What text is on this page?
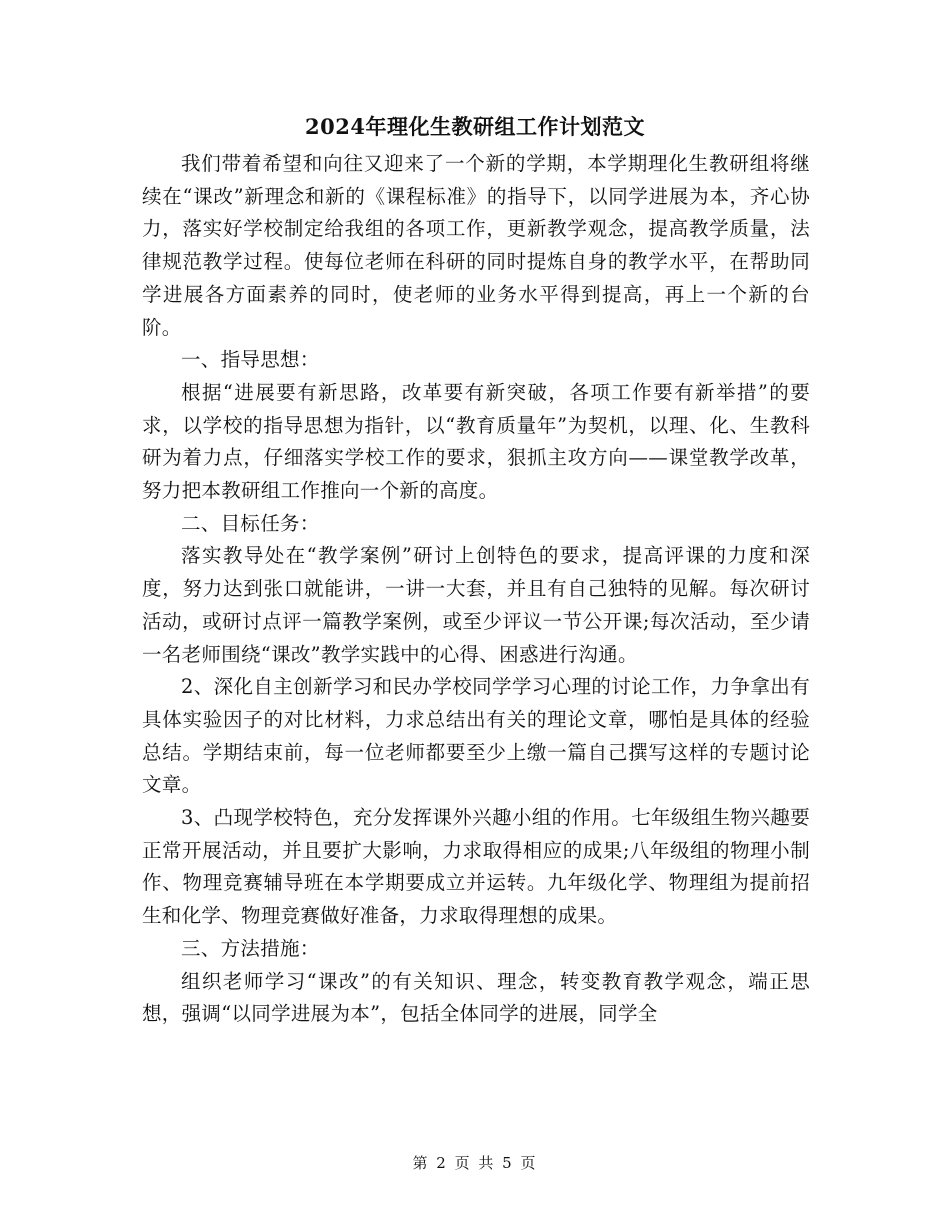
2024年理化生教研组工作计划范文

我们带着希望和向往又迎来了一个新的学期，本学期理化生教研组将继续在“课改”新理念和新的《课程标准》的指导下，以同学进展为本，齐心协力，落实好学校制定给我组的各项工作，更新教学观念，提高教学质量，法律规范教学过程。使每位老师在科研的同时提炼自身的教学水平，在帮助同学进展各方面素养的同时，使老师的业务水平得到提高，再上一个新的台阶。

一、指导思想：

根据“进展要有新思路，改革要有新突破，各项工作要有新举措”的要求，以学校的指导思想为指针，以“教育质量年”为契机，以理、化、生教科研为着力点，仔细落实学校工作的要求，狠抓主攻方向——课堂教学改革，努力把本教研组工作推向一个新的高度。

二、目标任务：

落实教导处在“教学案例”研讨上创特色的要求，提高评课的力度和深度，努力达到张口就能讲，一讲一大套，并且有自己独特的见解。每次研讨活动，或研讨点评一篇教学案例，或至少评议一节公开课;每次活动，至少请一名老师围绕“课改”教学实践中的心得、困惑进行沟通。

2、深化自主创新学习和民办学校同学学习心理的讨论工作，力争拿出有具体实验因子的对比材料，力求总结出有关的理论文章，哪怕是具体的经验总结。学期结束前，每一位老师都要至少上缴一篇自己撰写这样的专题讨论文章。

3、凸现学校特色，充分发挥课外兴趣小组的作用。七年级组生物兴趣要正常开展活动，并且要扩大影响，力求取得相应的成果;八年级组的物理小制作、物理竞赛辅导班在本学期要成立并运转。九年级化学、物理组为提前招生和化学、物理竞赛做好准备，力求取得理想的成果。

三、方法措施：

组织老师学习“课改”的有关知识、理念，转变教育教学观念，端正思想，强调“以同学进展为本”，包括全体同学的进展，同学全

第 2 页 共 5 页
